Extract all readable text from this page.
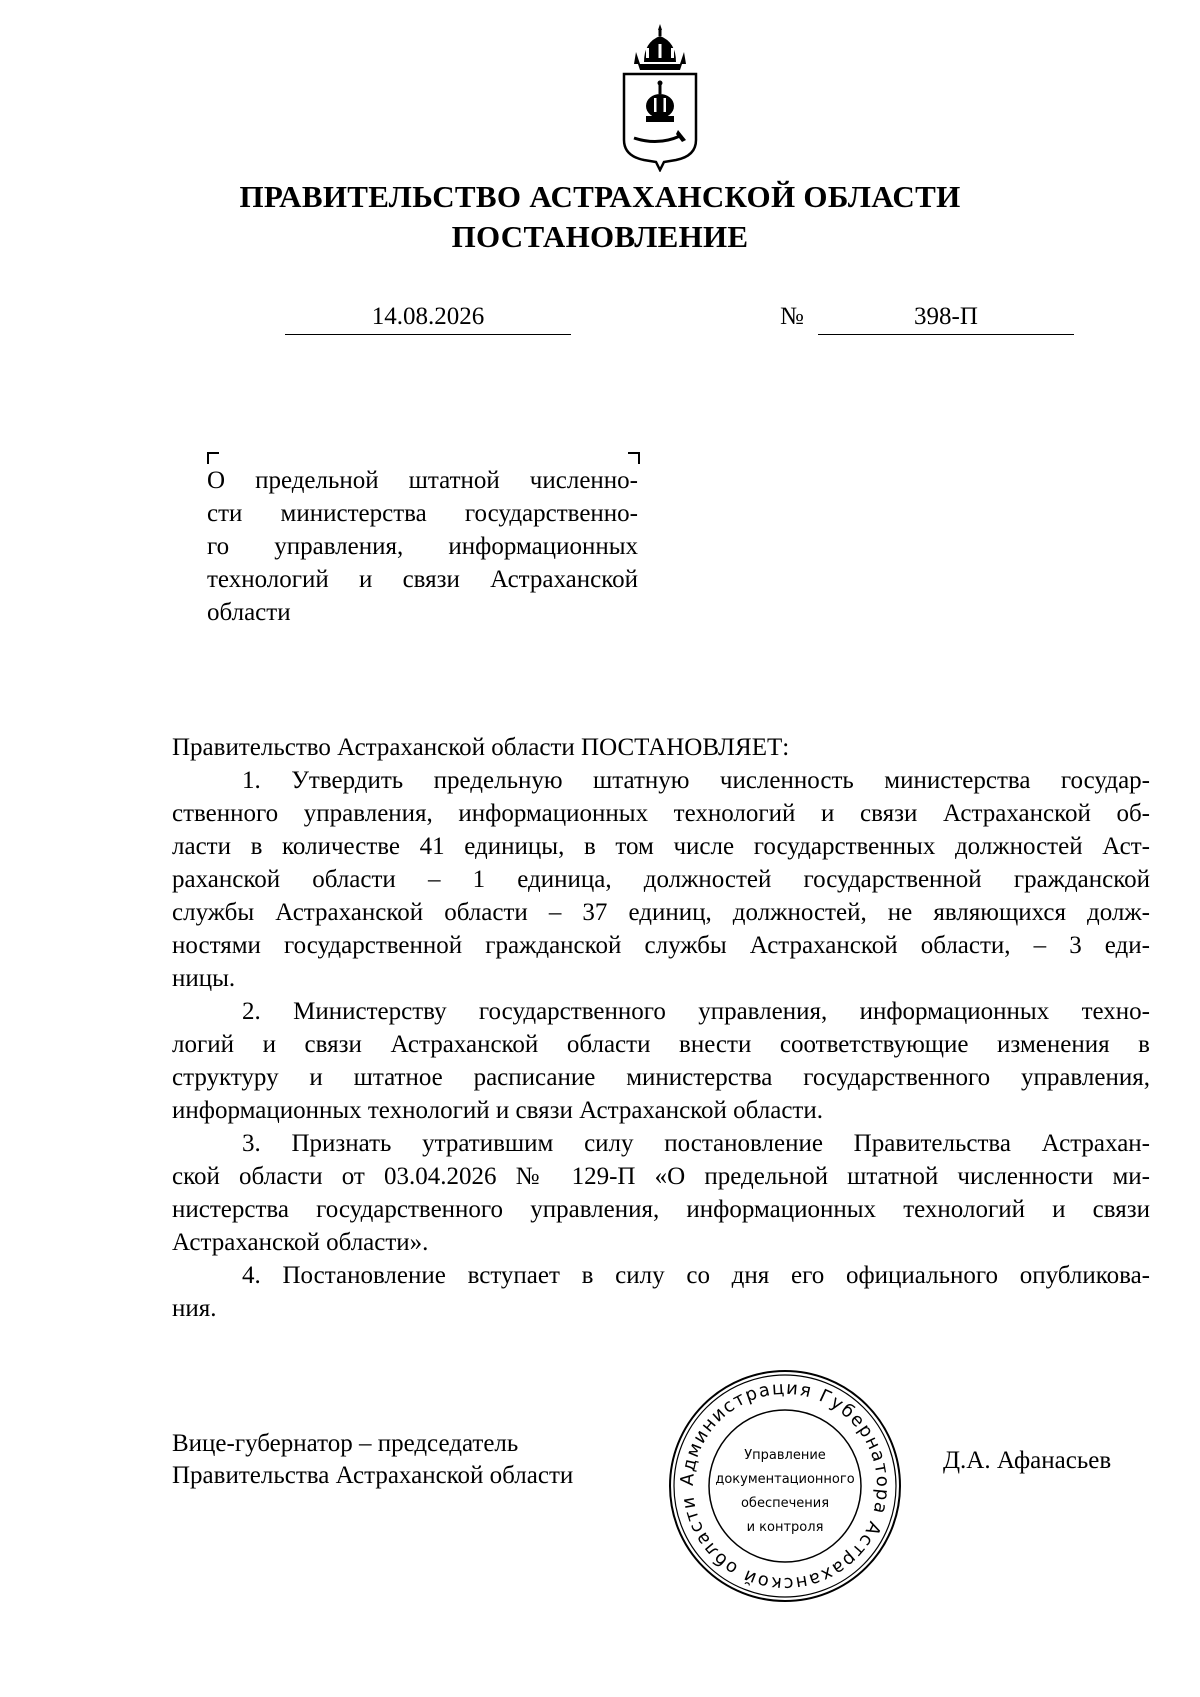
ПРАВИТЕЛЬСТВО АСТРАХАНСКОЙ ОБЛАСТИ
ПОСТАНОВЛЕНИЕ
14.08.2026	№	398-П
О предельной штатной численно-
сти министерства государственно-
го управления, информационных
технологий и связи Астраханской
области
Правительство Астраханской области ПОСТАНОВЛЯЕТ:
1. Утвердить предельную штатную численность министерства государ-
ственного управления, информационных технологий и связи Астраханской об-
ласти в количестве 41 единицы, в том числе государственных должностей Аст-
раханской области – 1 единица, должностей государственной гражданской
службы Астраханской области – 37 единиц, должностей, не являющихся долж-
ностями государственной гражданской службы Астраханской области, – 3 еди-
ницы.
2. Министерству государственного управления, информационных техно-
логий и связи Астраханской области внести соответствующие изменения в
структуру и штатное расписание министерства государственного управления,
информационных технологий и связи Астраханской области.
3. Признать утратившим силу постановление Правительства Астрахан-
ской области от 03.04.2026 № 129-П «О предельной штатной численности ми-
нистерства государственного управления, информационных технологий и связи
Астраханской области».
4. Постановление вступает в силу со дня его официального опубликова-
ния.
Вице-губернатор – председатель
Правительства Астраханской области
Д.А. Афанасьев
Администрация Губернатора Астраханской области
Управление
документационного
обеспечения
и контроля
